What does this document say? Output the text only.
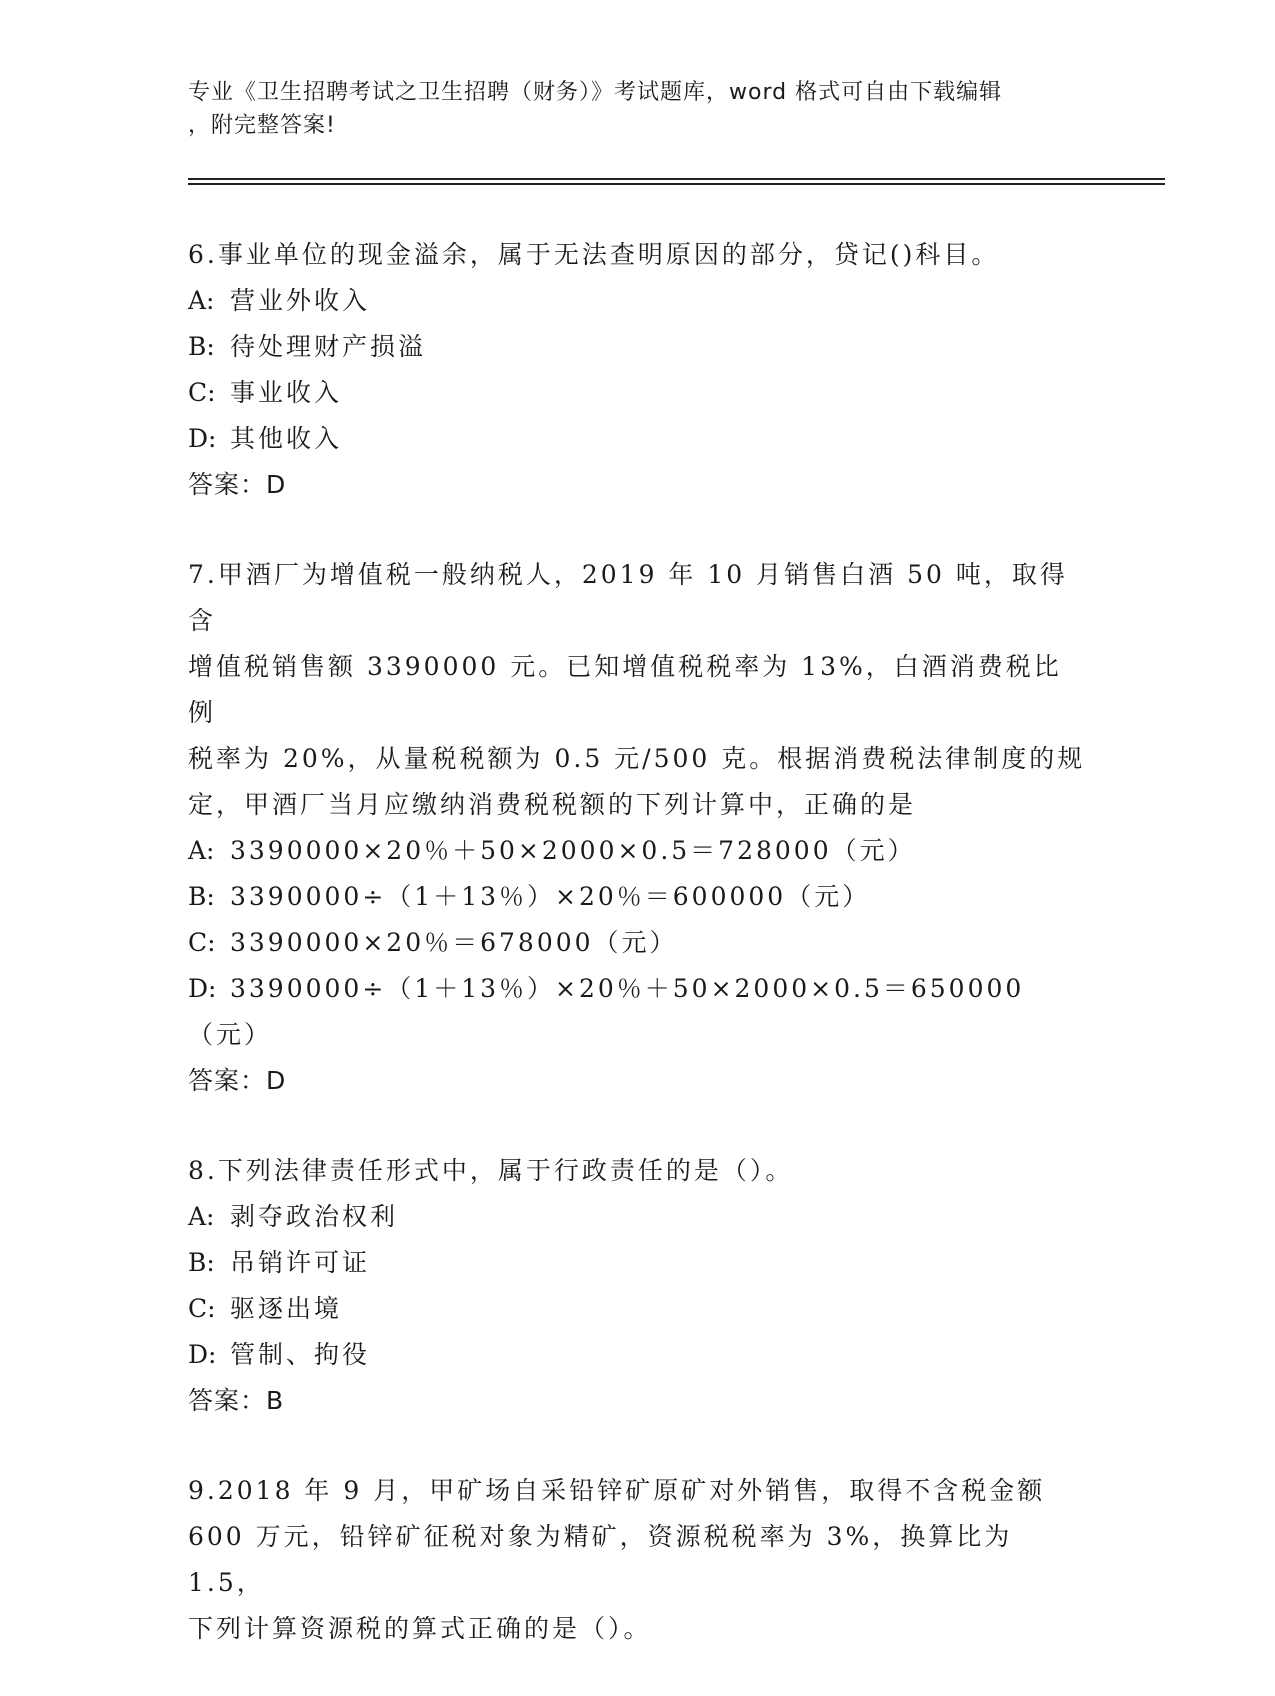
专业《卫生招聘考试之卫生招聘（财务）》考试题库，word 格式可自由下载编辑
，附完整答案!
6.事业单位的现金溢余，属于无法查明原因的部分，贷记()科目。
A: 营业外收入
B: 待处理财产损溢
C: 事业收入
D: 其他收入
答案：D
7.甲酒厂为增值税一般纳税人，2019 年 10 月销售白酒 50 吨，取得含
增值税销售额 3390000 元。已知增值税税率为 13%，白酒消费税比例
税率为 20%，从量税税额为 0.5 元/500 克。根据消费税法律制度的规
定，甲酒厂当月应缴纳消费税税额的下列计算中，正确的是
A: 3390000×20％＋50×2000×0.5＝728000（元）
B: 3390000÷（1＋13％）×20％＝600000（元）
C: 3390000×20％＝678000（元）
D: 3390000÷（1＋13％）×20％＋50×2000×0.5＝650000（元）
答案：D
8.下列法律责任形式中，属于行政责任的是（）。
A: 剥夺政治权利
B: 吊销许可证
C: 驱逐出境
D: 管制、拘役
答案：B
9.2018 年 9 月，甲矿场自采铅锌矿原矿对外销售，取得不含税金额
600 万元，铅锌矿征税对象为精矿，资源税税率为 3%，换算比为 1.5，
下列计算资源税的算式正确的是（）。
